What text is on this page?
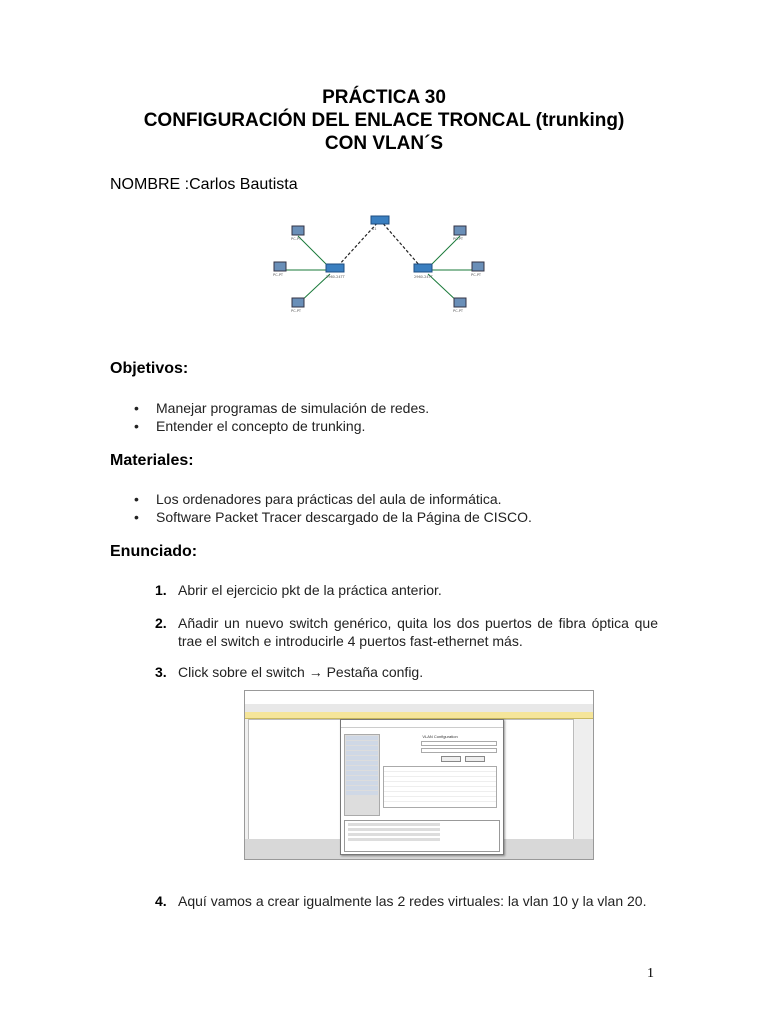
PRÁCTICA 30
CONFIGURACIÓN DEL ENLACE TRONCAL (trunking)
CON VLAN´S
NOMBRE :Carlos Bautista
PC-PT
PC-PT
PC-PT
PC-PT
PC-PT
PC-PT
2960-24TT	2960-24TT
S1
Objetivos:
• Manejar programas de simulación de redes.
• Entender el concepto de trunking.
Materiales:
• Los ordenadores para prácticas del aula de informática.
• Software Packet Tracer descargado de la Página de CISCO.
Enunciado:
1. Abrir el ejercicio pkt de la práctica anterior.
2. Añadir un nuevo switch genérico, quita los dos puertos de fibra óptica que trae el switch e introducirle 4 puertos fast-ethernet más.
3. Click sobre el switch → Pestaña config.
VLAN Configuration
4. Aquí vamos a crear igualmente las 2 redes virtuales: la vlan 10 y la vlan 20.
1
